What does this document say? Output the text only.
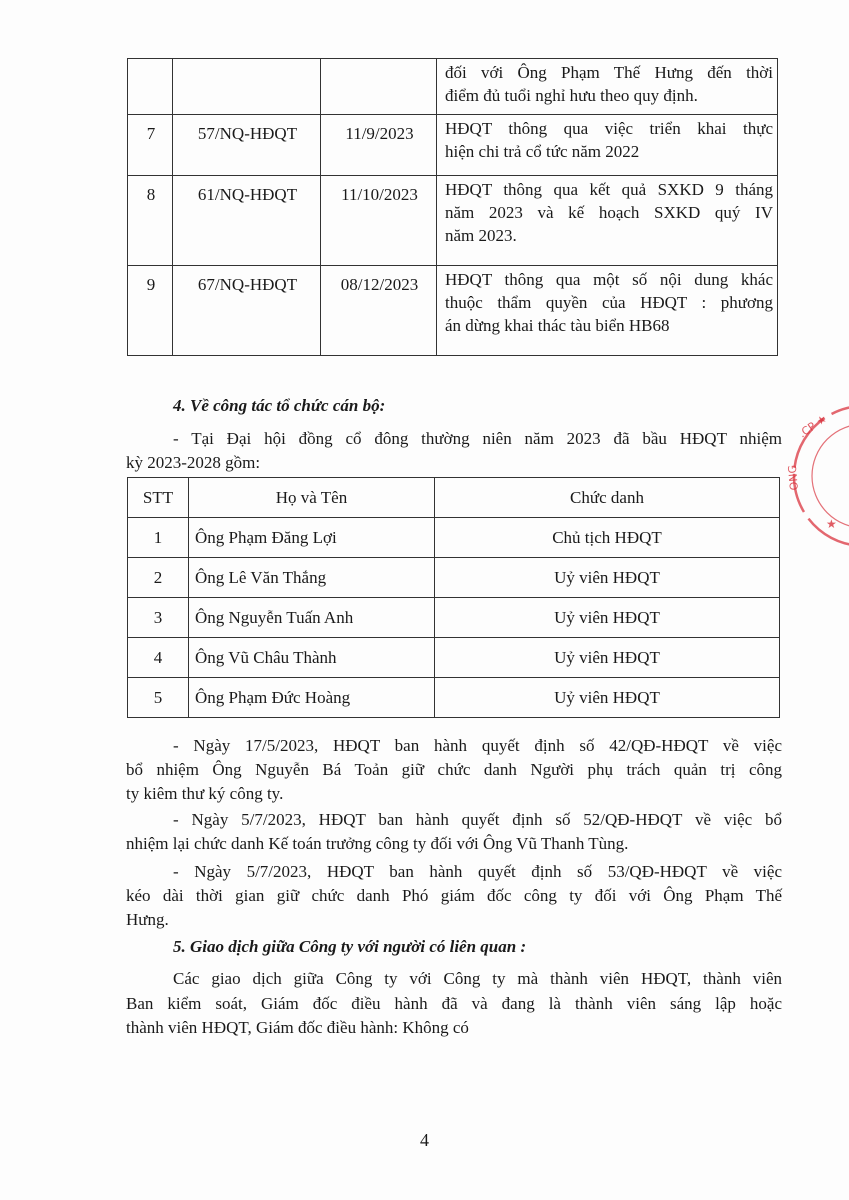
			đối với Ông Phạm Thế Hưng đến thời
điểm đủ tuổi nghỉ hưu theo quy định.

7	57/NQ-HĐQT	11/9/2023	HĐQT thông qua việc triển khai thực
hiện chi trả cổ tức năm 2022

8	61/NQ-HĐQT	11/10/2023	HĐQT thông qua kết quả SXKD 9 tháng
năm 2023 và kế hoạch SXKD quý IV
năm 2023.

9	67/NQ-HĐQT	08/12/2023	HĐQT thông qua một số nội dung khác
thuộc thẩm quyền của HĐQT : phương
án dừng khai thác tàu biển HB68
4. Về công tác tổ chức cán bộ:
- Tại Đại hội đồng cổ đông thường niên năm 2023 đã bầu HĐQT nhiệm
kỳ 2023-2028 gồm:
STT	Họ và Tên	Chức danh
1	Ông Phạm Đăng Lợi	Chủ tịch HĐQT
2	Ông Lê Văn Thắng	Uỷ viên HĐQT
3	Ông Nguyễn Tuấn Anh	Uỷ viên HĐQT
4	Ông Vũ Châu Thành	Uỷ viên HĐQT
5	Ông Phạm Đức Hoàng	Uỷ viên HĐQT
- Ngày 17/5/2023, HĐQT ban hành quyết định số 42/QĐ-HĐQT về việc
bổ nhiệm Ông Nguyễn Bá Toản giữ chức danh Người phụ trách quản trị công
ty kiêm thư ký công ty.
- Ngày 5/7/2023, HĐQT ban hành quyết định số 52/QĐ-HĐQT về việc bổ
nhiệm lại chức danh Kế toán trưởng công ty đối với Ông Vũ Thanh Tùng.
- Ngày 5/7/2023, HĐQT ban hành quyết định số 53/QĐ-HĐQT về việc
kéo dài thời gian giữ chức danh Phó giám đốc công ty đối với Ông Phạm Thế
Hưng.
5. Giao dịch giữa Công ty với người có liên quan :
Các giao dịch giữa Công ty với Công ty mà thành viên HĐQT, thành viên
Ban kiểm soát, Giám đốc điều hành đã và đang là thành viên sáng lập hoặc
thành viên HĐQT, Giám đốc điều hành: Không có
4
.CP ★
ONG
★
